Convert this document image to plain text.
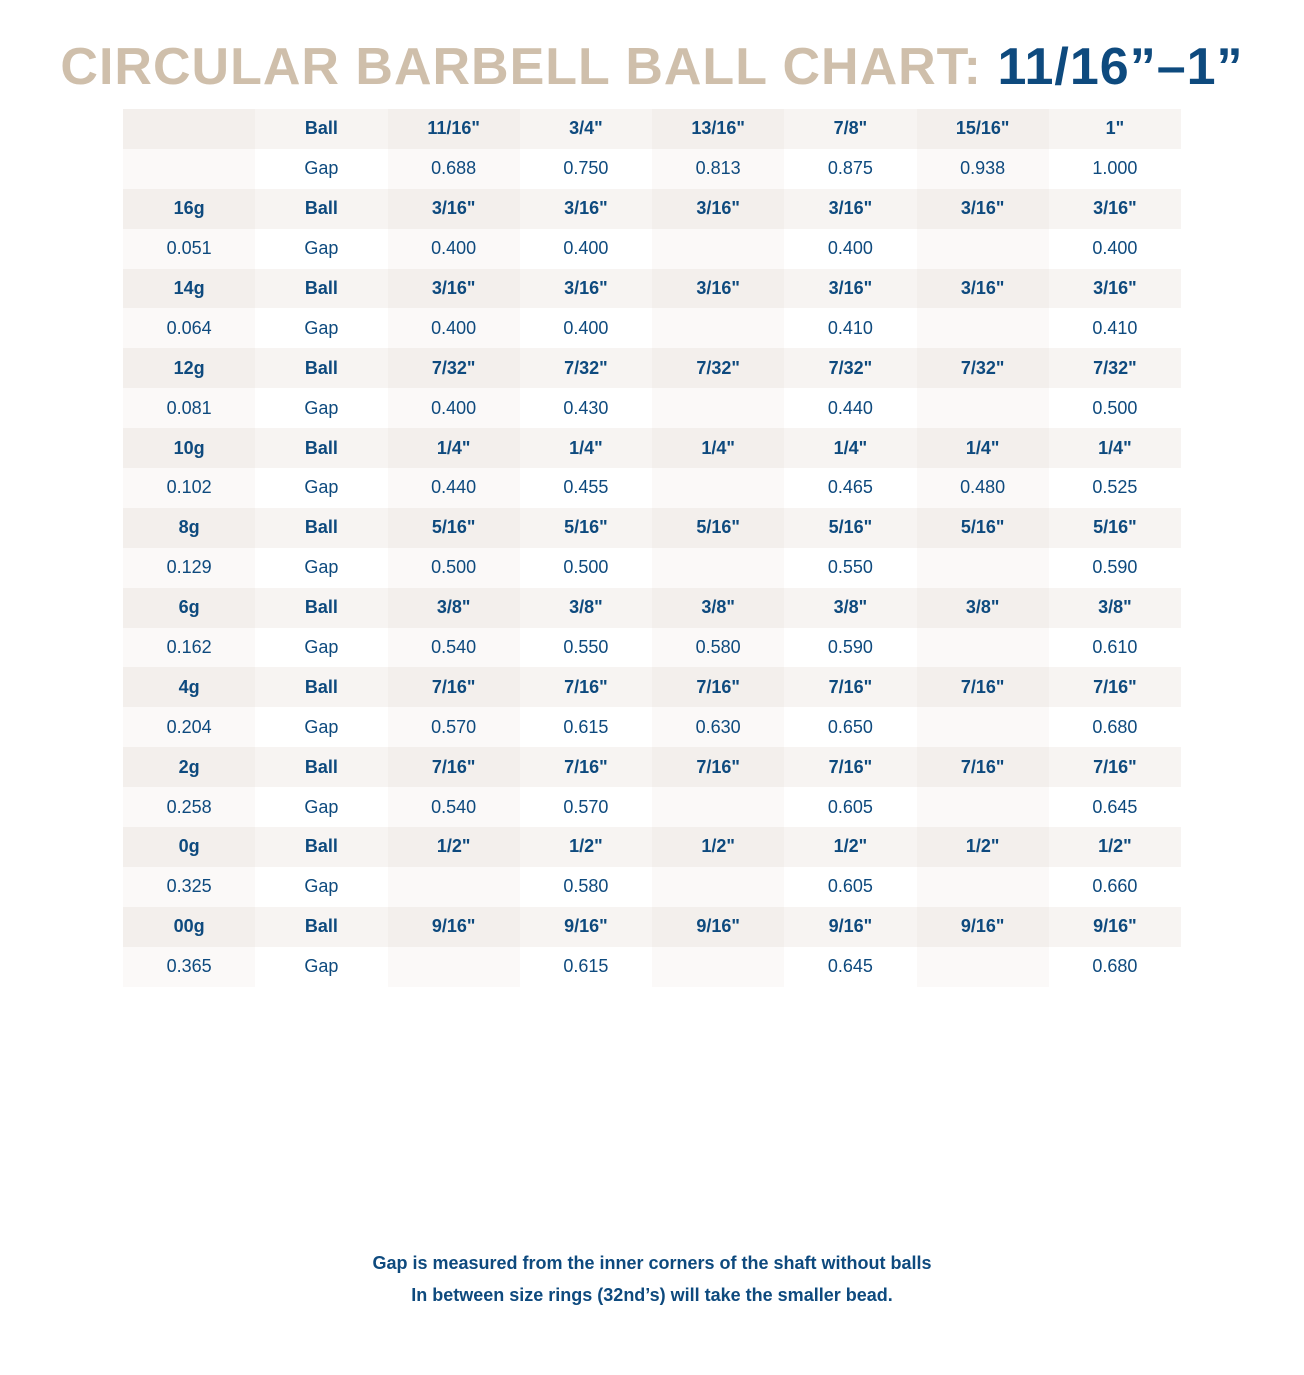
CIRCULAR BARBELL BALL CHART: 11/16”–1”
	Ball	11/16"	3/4"	13/16"	7/8"	15/16"	1"
	Gap	0.688	0.750	0.813	0.875	0.938	1.000
16g	Ball	3/16"	3/16"	3/16"	3/16"	3/16"	3/16"
0.051	Gap	0.400	0.400		0.400		0.400
14g	Ball	3/16"	3/16"	3/16"	3/16"	3/16"	3/16"
0.064	Gap	0.400	0.400		0.410		0.410
12g	Ball	7/32"	7/32"	7/32"	7/32"	7/32"	7/32"
0.081	Gap	0.400	0.430		0.440		0.500
10g	Ball	1/4"	1/4"	1/4"	1/4"	1/4"	1/4"
0.102	Gap	0.440	0.455		0.465	0.480	0.525
8g	Ball	5/16"	5/16"	5/16"	5/16"	5/16"	5/16"
0.129	Gap	0.500	0.500		0.550		0.590
6g	Ball	3/8"	3/8"	3/8"	3/8"	3/8"	3/8"
0.162	Gap	0.540	0.550	0.580	0.590		0.610
4g	Ball	7/16"	7/16"	7/16"	7/16"	7/16"	7/16"
0.204	Gap	0.570	0.615	0.630	0.650		0.680
2g	Ball	7/16"	7/16"	7/16"	7/16"	7/16"	7/16"
0.258	Gap	0.540	0.570		0.605		0.645
0g	Ball	1/2"	1/2"	1/2"	1/2"	1/2"	1/2"
0.325	Gap		0.580		0.605		0.660
00g	Ball	9/16"	9/16"	9/16"	9/16"	9/16"	9/16"
0.365	Gap		0.615		0.645		0.680
Gap is measured from the inner corners of the shaft without balls
In between size rings (32nd’s) will take the smaller bead.
